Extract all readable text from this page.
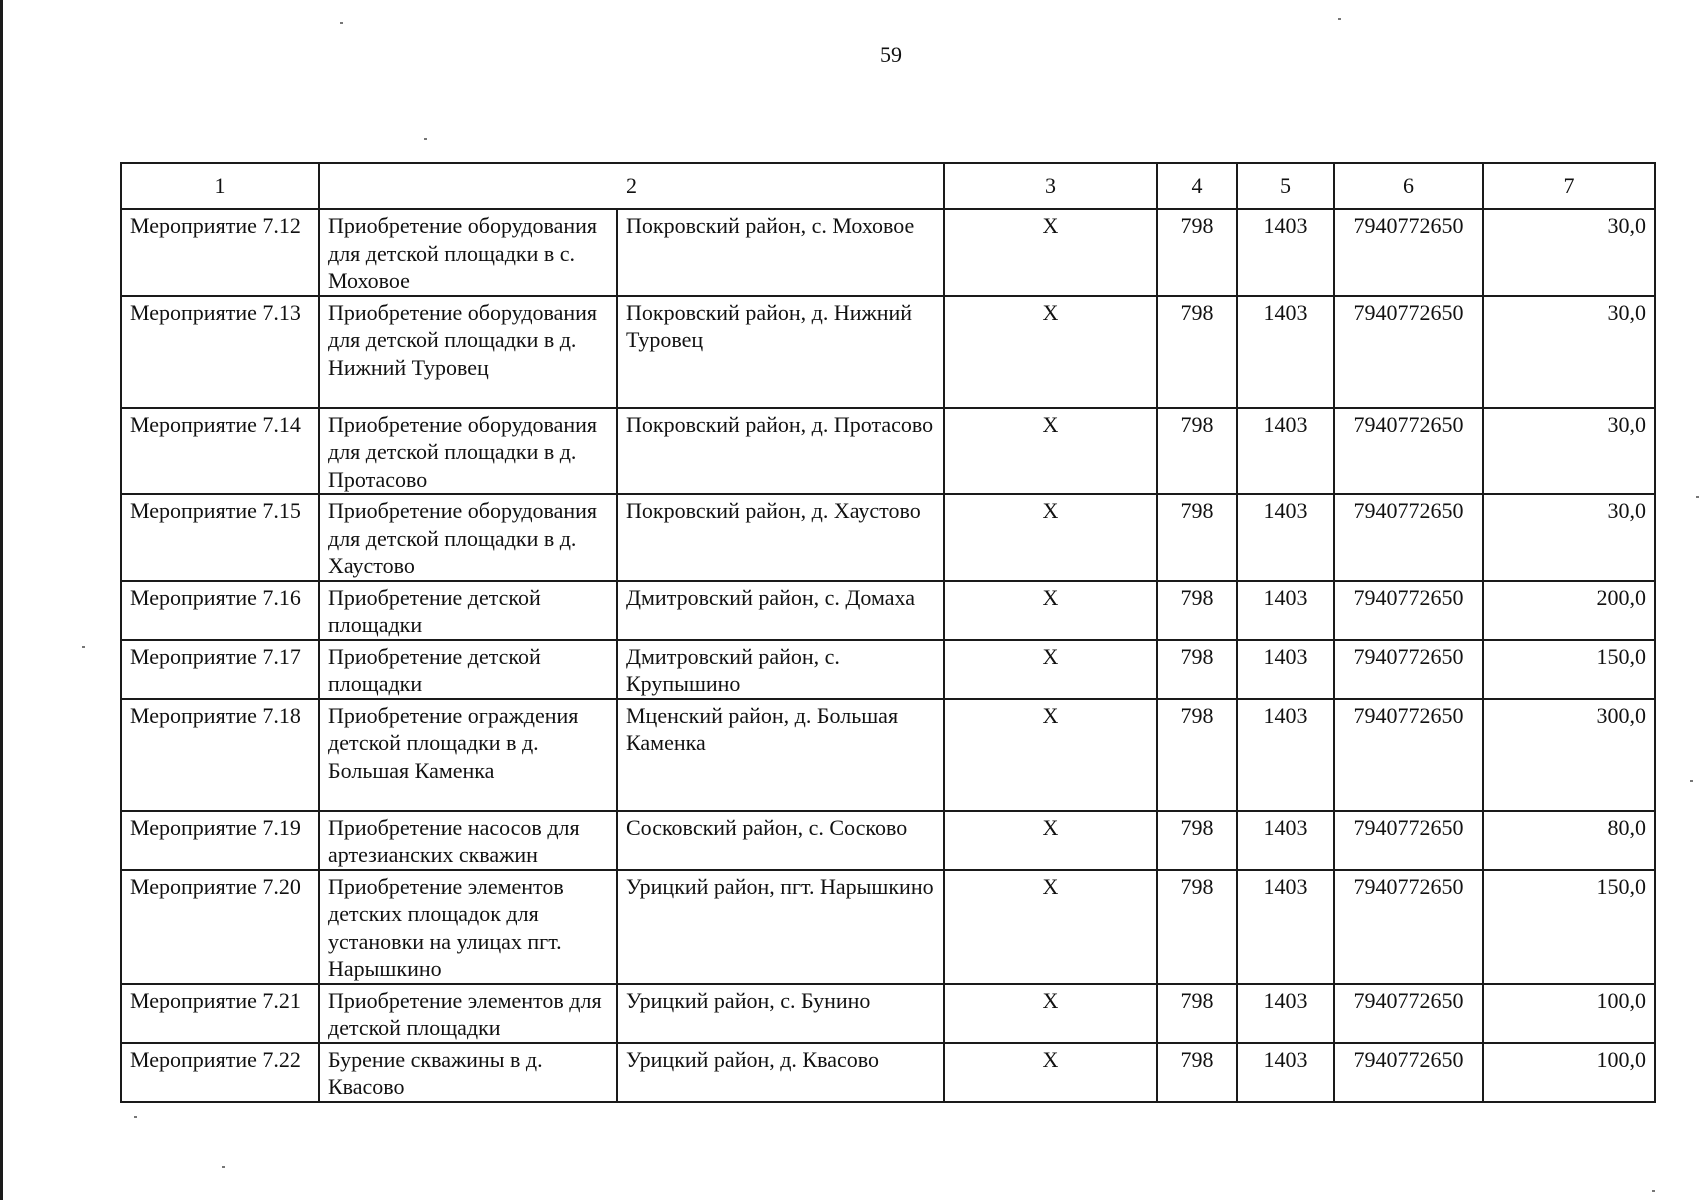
59
1	2		3	4	5	6	7
Мероприятие 7.12	Приобретение оборудования для детской площадки в с. Моховое	Покровский район, с. Моховое	Х	798	1403	7940772650	30,0
Мероприятие 7.13	Приобретение оборудования для детской площадки в д. Нижний Туровец	Покровский район, д. Нижний Туровец	Х	798	1403	7940772650	30,0
Мероприятие 7.14	Приобретение оборудования для детской площадки в д. Протасово	Покровский район, д. Протасово	Х	798	1403	7940772650	30,0
Мероприятие 7.15	Приобретение оборудования для детской площадки в д. Хаустово	Покровский район, д. Хаустово	Х	798	1403	7940772650	30,0
Мероприятие 7.16	Приобретение детской площадки	Дмитровский район, с. Домаха	Х	798	1403	7940772650	200,0
Мероприятие 7.17	Приобретение детской площадки	Дмитровский район, с. Крупышино	Х	798	1403	7940772650	150,0
Мероприятие 7.18	Приобретение ограждения детской площадки в д. Большая Каменка	Мценский район, д. Большая Каменка	Х	798	1403	7940772650	300,0
Мероприятие 7.19	Приобретение насосов для артезианских скважин	Сосковский район, с. Сосково	Х	798	1403	7940772650	80,0
Мероприятие 7.20	Приобретение элементов детских площадок для установки на улицах пгт. Нарышкино	Урицкий район, пгт. Нарышкино	Х	798	1403	7940772650	150,0
Мероприятие 7.21	Приобретение элементов для детской площадки	Урицкий район, с. Бунино	Х	798	1403	7940772650	100,0
Мероприятие 7.22	Бурение скважины в д. Квасово	Урицкий район, д. Квасово	Х	798	1403	7940772650	100,0
